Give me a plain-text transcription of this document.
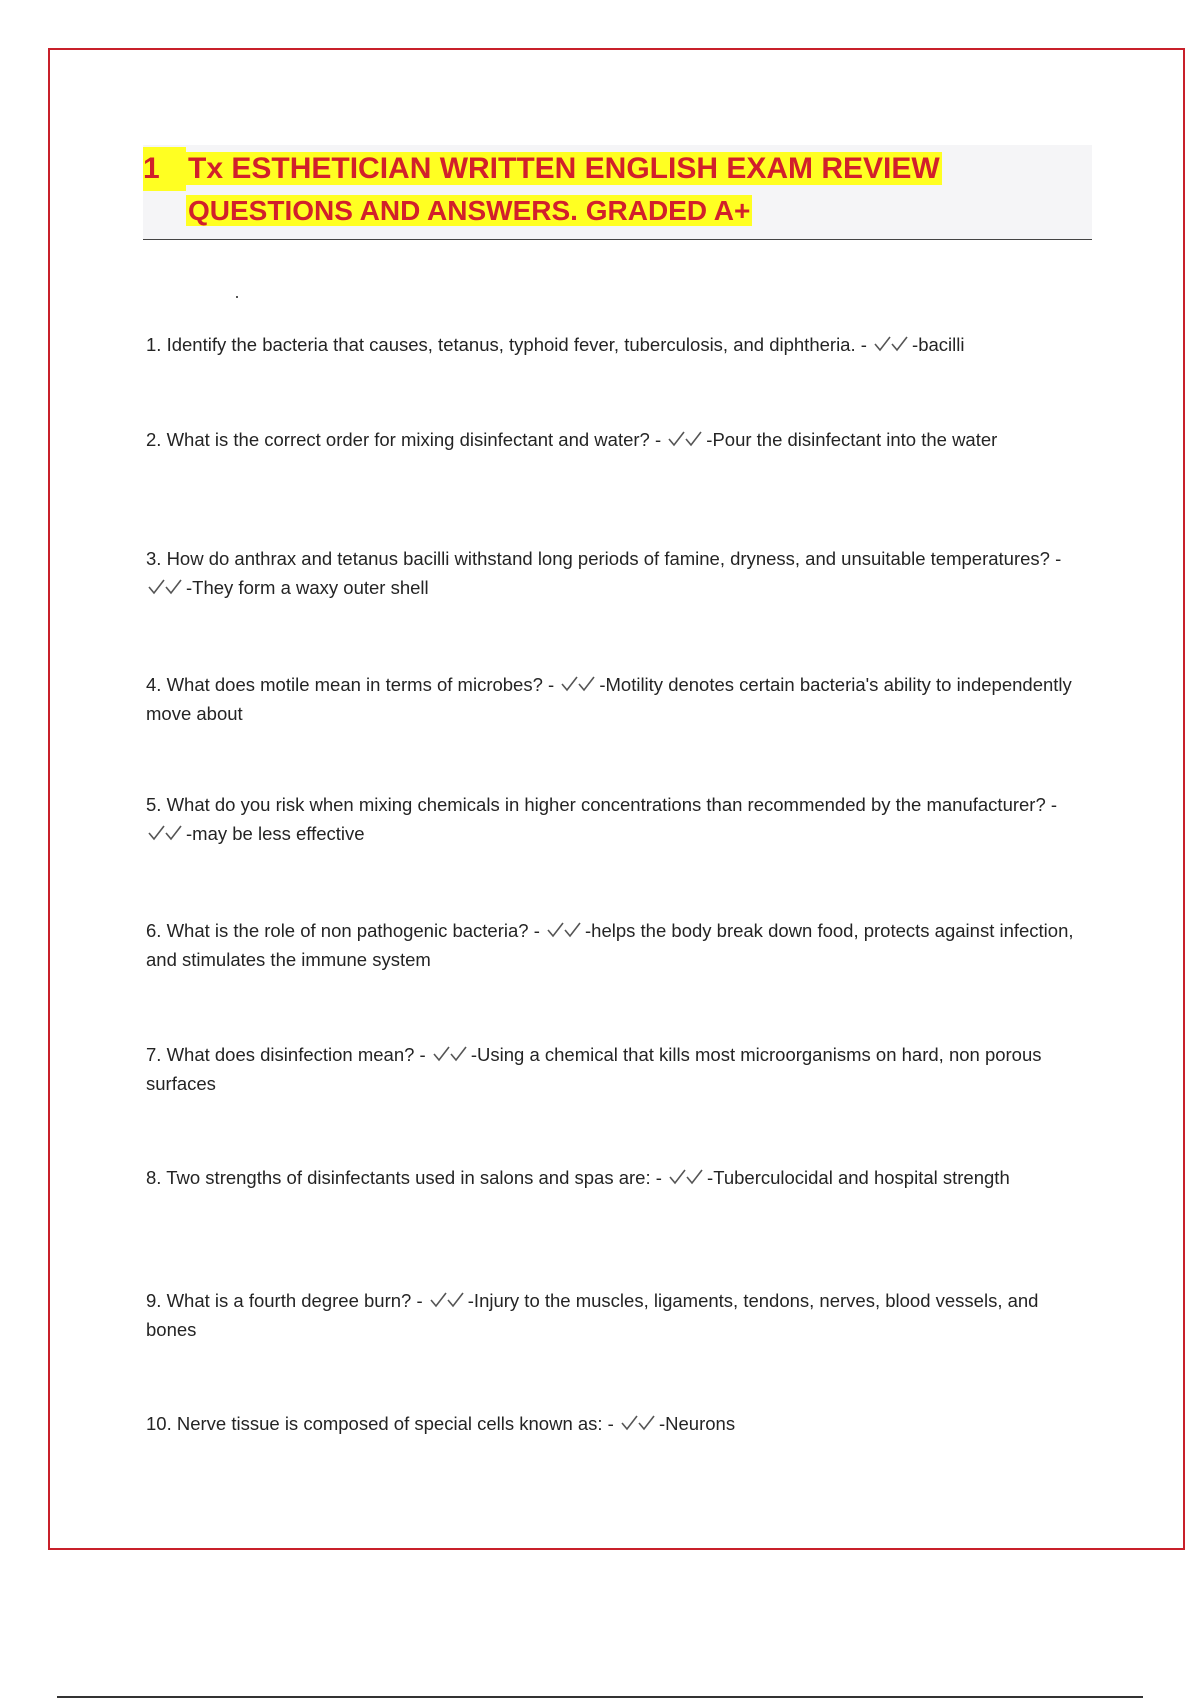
1 Tx ESTHETICIAN WRITTEN ENGLISH EXAM REVIEW
QUESTIONS AND ANSWERS. GRADED A+
1. Identify the bacteria that causes, tetanus, typhoid fever, tuberculosis, and diphtheria. - -bacilli
2. What is the correct order for mixing disinfectant and water? - -Pour the disinfectant into the water
3. How do anthrax and tetanus bacilli withstand long periods of famine, dryness, and unsuitable temperatures? - -They form a waxy outer shell
4. What does motile mean in terms of microbes? - -Motility denotes certain bacteria's ability to independently move about
5. What do you risk when mixing chemicals in higher concentrations than recommended by the manufacturer? - -may be less effective
6. What is the role of non pathogenic bacteria? - -helps the body break down food, protects against infection, and stimulates the immune system
7. What does disinfection mean? - -Using a chemical that kills most microorganisms on hard, non porous surfaces
8. Two strengths of disinfectants used in salons and spas are: - -Tuberculocidal and hospital strength
9. What is a fourth degree burn? - -Injury to the muscles, ligaments, tendons, nerves, blood vessels, and bones
10. Nerve tissue is composed of special cells known as: - -Neurons
